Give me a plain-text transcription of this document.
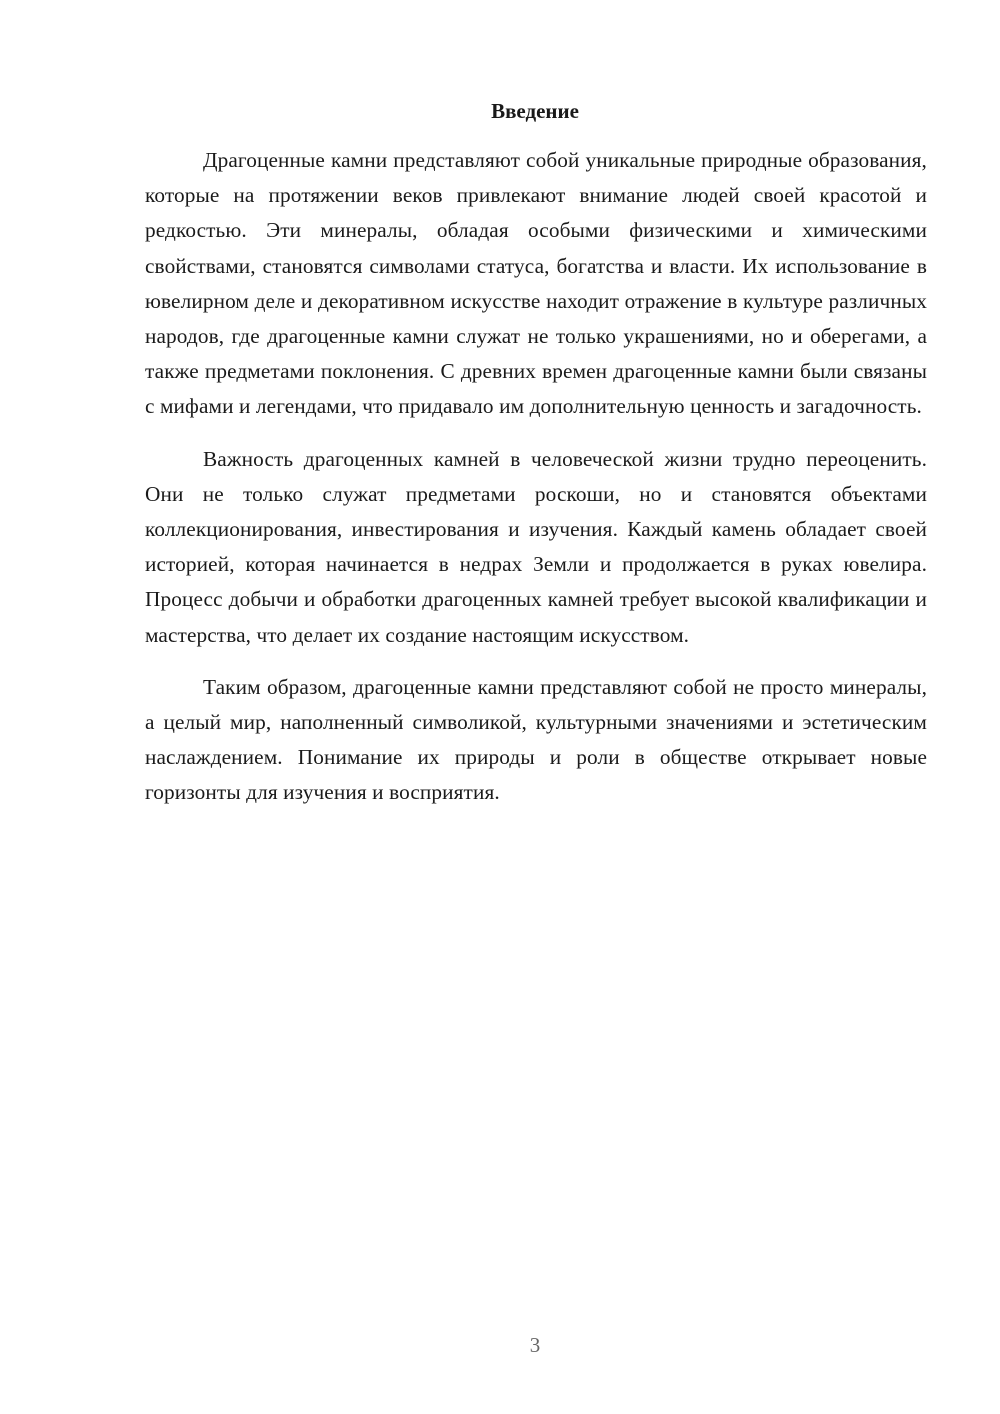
Введение

Драгоценные камни представляют собой уникальные природные образования, которые на протяжении веков привлекают внимание людей своей красотой и редкостью. Эти минералы, обладая особыми физическими и химическими свойствами, становятся символами статуса, богатства и власти. Их использование в ювелирном деле и декоративном искусстве находит отражение в культуре различных народов, где драгоценные камни служат не только украшениями, но и оберегами, а также предметами поклонения. С древних времен драгоценные камни были связаны с мифами и легендами, что придавало им дополнительную ценность и загадочность.

Важность драгоценных камней в человеческой жизни трудно переоценить. Они не только служат предметами роскоши, но и становятся объектами коллекционирования, инвестирования и изучения. Каждый камень обладает своей историей, которая начинается в недрах Земли и продолжается в руках ювелира. Процесс добычи и обработки драгоценных камней требует высокой квалификации и мастерства, что делает их создание настоящим искусством.

Таким образом, драгоценные камни представляют собой не просто минералы, а целый мир, наполненный символикой, культурными значениями и эстетическим наслаждением. Понимание их природы и роли в обществе открывает новые горизонты для изучения и восприятия.

3
